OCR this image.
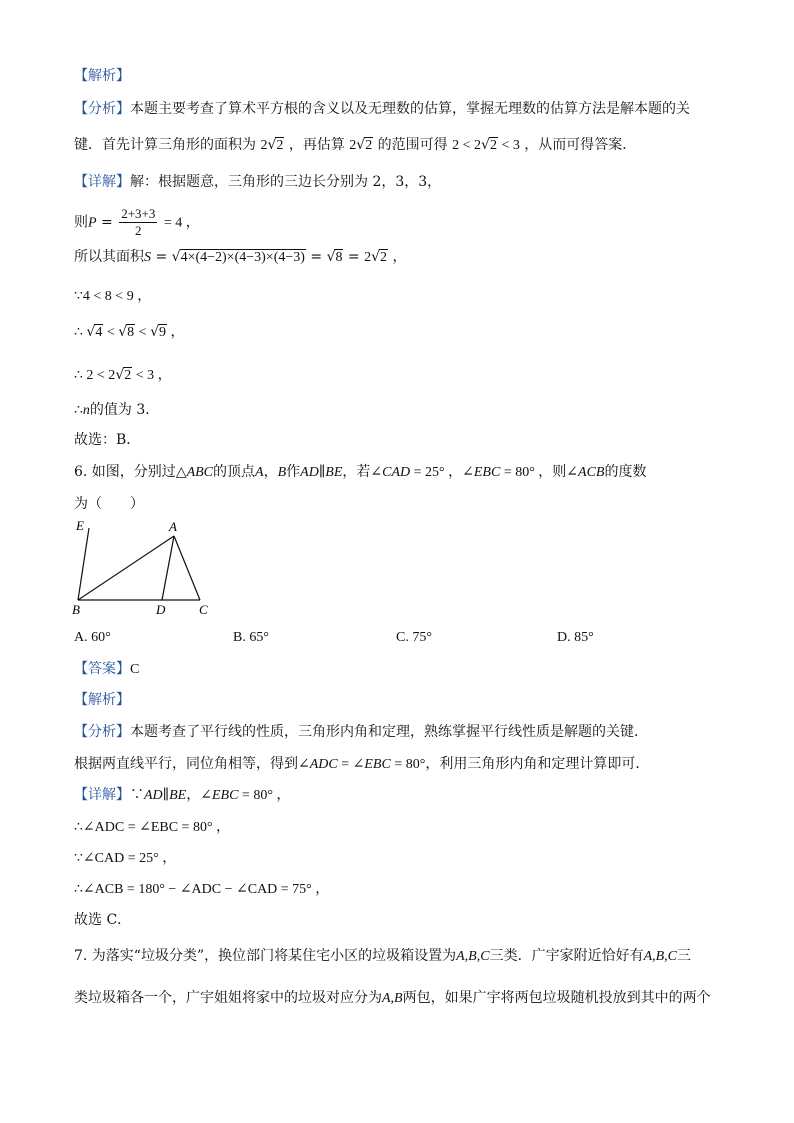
【解析】
【分析】本题主要考查了算术平方根的含义以及无理数的估算，掌握无理数的估算方法是解本题的关
键．首先计算三角形的面积为 2√2 ，再估算 2√2 的范围可得 2 < 2√2 < 3 ，从而可得答案．
【详解】解：根据题意，三角形的三边长分别为 2，3，3，
则$P = \frac{2+3+3}{2} = 4$ ，
所以其面积S = √4×(4−2)×(4−3)×(4−3) = √8 = 2√2 ，
∵4 < 8 < 9 ，
∴ √4 < √8 < √9 ，
∴ 2 < 2√2 < 3 ，
∴n的值为 3．
故选：B．
6. 如图，分别过△ABC的顶点A，B作AD∥BE，若∠CAD = 25° ，∠EBC = 80° ，则∠ACB的度数
为（　　）
E	A
B	D	C
A. 60°	B. 65°	C. 75°	D. 85°
【答案】C
【解析】
【分析】本题考查了平行线的性质，三角形内角和定理，熟练掌握平行线性质是解题的关键．
根据两直线平行，同位角相等，得到∠ADC = ∠EBC = 80°，利用三角形内角和定理计算即可．
【详解】∵AD∥BE，∠EBC = 80° ，
∴∠ADC = ∠EBC = 80° ，
∵∠CAD = 25° ，
∴∠ACB = 180° − ∠ADC − ∠CAD = 75° ，
故选 C．
7. 为落实“垃圾分类”，换位部门将某住宅小区的垃圾箱设置为A,B,C三类．广宇家附近恰好有A,B,C三
类垃圾箱各一个，广宇姐姐将家中的垃圾对应分为A,B两包，如果广宇将两包垃圾随机投放到其中的两个
